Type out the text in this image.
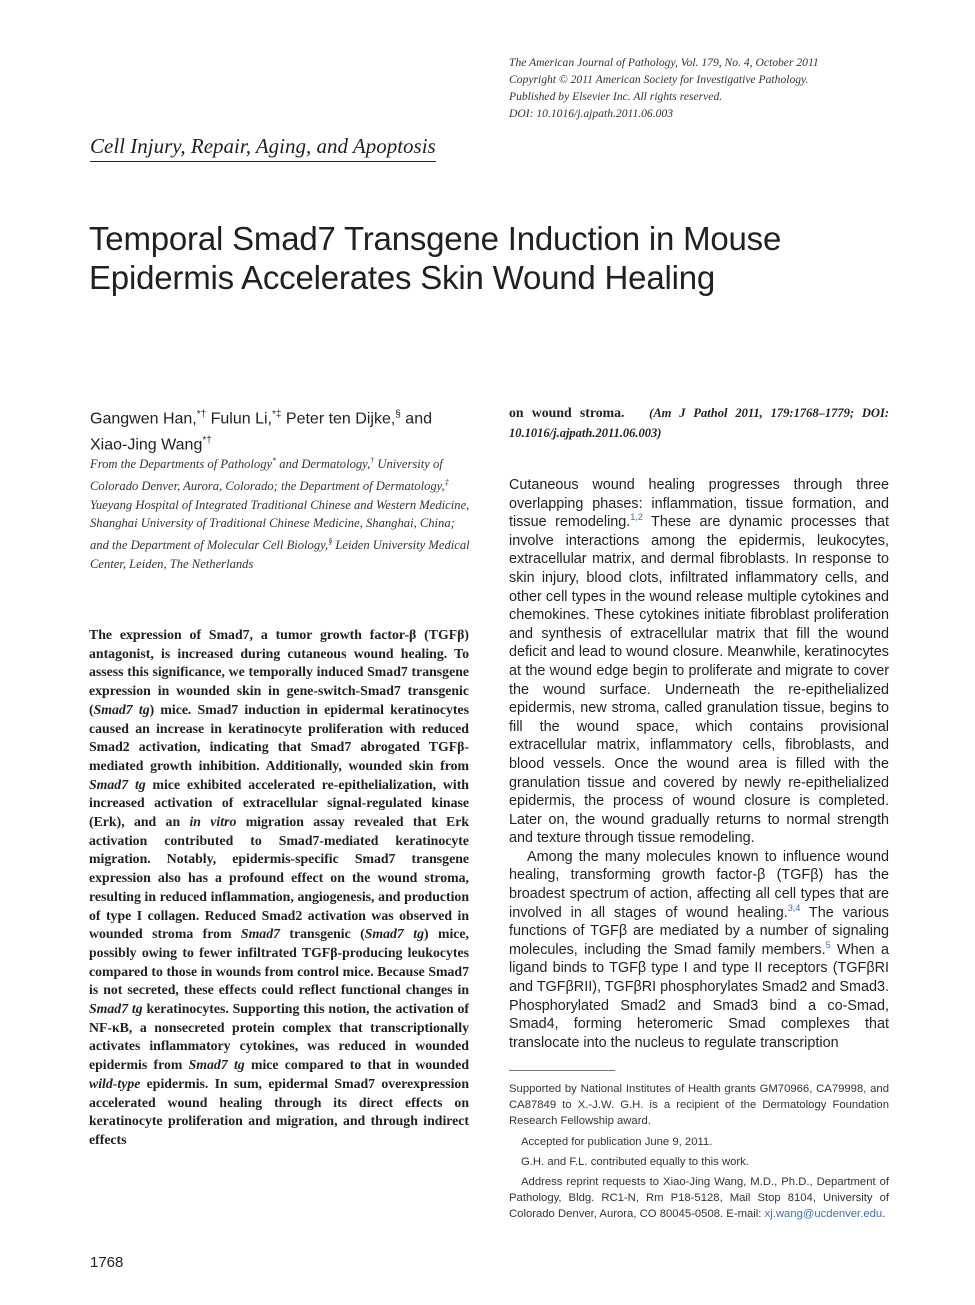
The American Journal of Pathology, Vol. 179, No. 4, October 2011
Copyright © 2011 American Society for Investigative Pathology.
Published by Elsevier Inc. All rights reserved.
DOI: 10.1016/j.ajpath.2011.06.003
Cell Injury, Repair, Aging, and Apoptosis
Temporal Smad7 Transgene Induction in Mouse
Epidermis Accelerates Skin Wound Healing
Gangwen Han,*† Fulun Li,*‡ Peter ten Dijke,§ and
Xiao-Jing Wang*†
From the Departments of Pathology* and Dermatology,† University of Colorado Denver, Aurora, Colorado; the Department of Dermatology,‡ Yueyang Hospital of Integrated Traditional Chinese and Western Medicine, Shanghai University of Traditional Chinese Medicine, Shanghai, China; and the Department of Molecular Cell Biology,§ Leiden University Medical Center, Leiden, The Netherlands
The expression of Smad7, a tumor growth factor-β (TGFβ) antagonist, is increased during cutaneous wound healing. To assess this significance, we temporally induced Smad7 transgene expression in wounded skin in gene-switch-Smad7 transgenic (Smad7 tg) mice. Smad7 induction in epidermal keratinocytes caused an increase in keratinocyte proliferation with reduced Smad2 activation, indicating that Smad7 abrogated TGFβ-mediated growth inhibition. Additionally, wounded skin from Smad7 tg mice exhibited accelerated re-epithelialization, with increased activation of extracellular signal-regulated kinase (Erk), and an in vitro migration assay revealed that Erk activation contributed to Smad7-mediated keratinocyte migration. Notably, epidermis-specific Smad7 transgene expression also has a profound effect on the wound stroma, resulting in reduced inflammation, angiogenesis, and production of type I collagen. Reduced Smad2 activation was observed in wounded stroma from Smad7 transgenic (Smad7 tg) mice, possibly owing to fewer infiltrated TGFβ-producing leukocytes compared to those in wounds from control mice. Because Smad7 is not secreted, these effects could reflect functional changes in Smad7 tg keratinocytes. Supporting this notion, the activation of NF-κB, a nonsecreted protein complex that transcriptionally activates inflammatory cytokines, was reduced in wounded epidermis from Smad7 tg mice compared to that in wounded wild-type epidermis. In sum, epidermal Smad7 overexpression accelerated wound healing through its direct effects on keratinocyte proliferation and migration, and through indirect effects
on wound stroma. (Am J Pathol 2011, 179:1768–1779; DOI: 10.1016/j.ajpath.2011.06.003)

Cutaneous wound healing progresses through three overlapping phases: inflammation, tissue formation, and tissue remodeling.$^{1,2}$ These are dynamic processes that involve interactions among the epidermis, leukocytes, extracellular matrix, and dermal fibroblasts. In response to skin injury, blood clots, infiltrated inflammatory cells, and other cell types in the wound release multiple cytokines and chemokines. These cytokines initiate fibroblast proliferation and synthesis of extracellular matrix that fill the wound deficit and lead to wound closure. Meanwhile, keratinocytes at the wound edge begin to proliferate and migrate to cover the wound surface. Underneath the re-epithelialized epidermis, new stroma, called granulation tissue, begins to fill the wound space, which contains provisional extracellular matrix, inflammatory cells, fibroblasts, and blood vessels. Once the wound area is filled with the granulation tissue and covered by newly re-epithelialized epidermis, the process of wound closure is completed. Later on, the wound gradually returns to normal strength and texture through tissue remodeling.

Among the many molecules known to influence wound healing, transforming growth factor-β (TGFβ) has the broadest spectrum of action, affecting all cell types that are involved in all stages of wound healing.$^{3,4}$ The various functions of TGFβ are mediated by a number of signaling molecules, including the Smad family members.$^5$ When a ligand binds to TGFβ type I and type II receptors (TGFβRI and TGFβRII), TGFβRI phosphorylates Smad2 and Smad3. Phosphorylated Smad2 and Smad3 bind a co-Smad, Smad4, forming heteromeric Smad complexes that translocate into the nucleus to regulate transcription

Supported by National Institutes of Health grants GM70966, CA79998, and CA87849 to X.-J.W. G.H. is a recipient of the Dermatology Foundation Research Fellowship award.

Accepted for publication June 9, 2011.

G.H. and F.L. contributed equally to this work.

Address reprint requests to Xiao-Jing Wang, M.D., Ph.D., Department of Pathology, Bldg. RC1-N, Rm P18-5128, Mail Stop 8104, University of Colorado Denver, Aurora, CO 80045-0508. E-mail: xj.wang@ucdenver.edu.

1768
